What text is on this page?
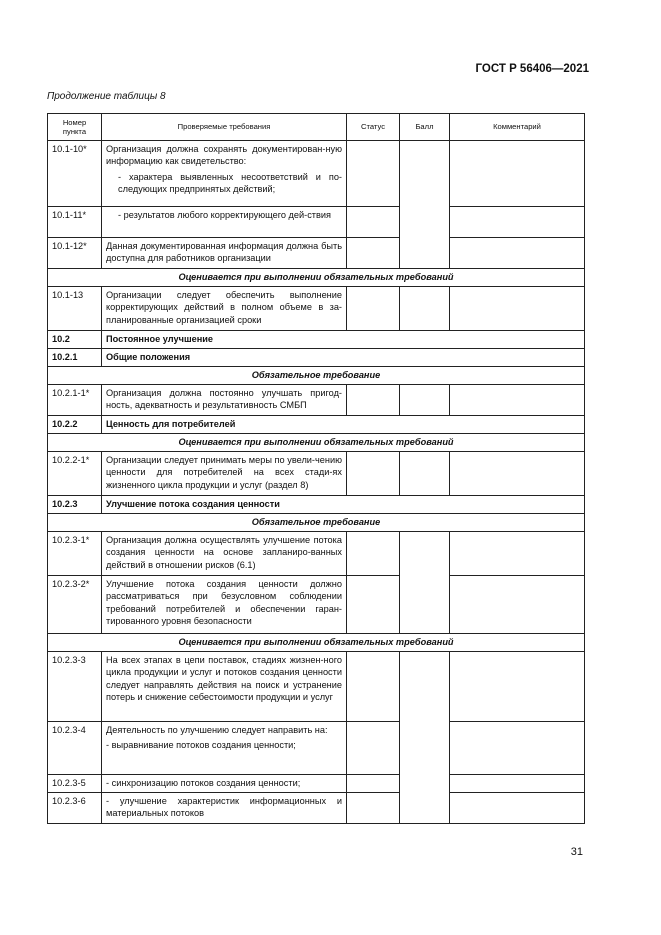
ГОСТ Р 56406—2021
Продолжение таблицы 8
Номер пункта	Проверяемые требования	Статус	Балл	Комментарий
10.1-10*	Организация должна сохранять документирован-ную информацию как свидетельство:

- характера выявленных несоответствий и по-следующих предпринятых действий;			

10.1-11*	- результатов любого корректирующего дей-ствия			

10.1-12*	Данная документированная информация должна быть доступна для работников организации			

Оценивается при выполнении обязательных требований				
10.1-13	Организации следует обеспечить выполнение корректирующих действий в полном объеме в за-планированные организацией сроки			

10.2	Постоянное улучшение			
10.2.1	Общие положения			
Обязательное требование				
10.2.1-1*	Организация должна постоянно улучшать пригод-ность, адекватность и результативность СМБП			

10.2.2	Ценность для потребителей			
Оценивается при выполнении обязательных требований				
10.2.2-1*	Организации следует принимать меры по увели-чению ценности для потребителей на всех стади-ях жизненного цикла продукции и услуг (раздел 8)			

10.2.3	Улучшение потока создания ценности			
Обязательное требование				
10.2.3-1*	Организация должна осуществлять улучшение потока создания ценности на основе запланиро-ванных действий в отношении рисков (6.1)			

10.2.3-2*	Улучшение потока создания ценности должно рассматриваться при безусловном соблюдении требований потребителей и обеспечении гаран-тированного уровня безопасности			

Оценивается при выполнении обязательных требований				
10.2.3-3	На всех этапах в цепи поставок, стадиях жизнен-ного цикла продукции и услуг и потоков создания ценности следует направлять действия на поиск и устранение потерь и снижение себестоимости продукции и услуг			

10.2.3-4	Деятельность по улучшению следует направить на:

- выравнивание потоков создания ценности;			

10.2.3-5	- синхронизацию потоков создания ценности;			

10.2.3-6	- улучшение характеристик информационных и материальных потоков			

31
